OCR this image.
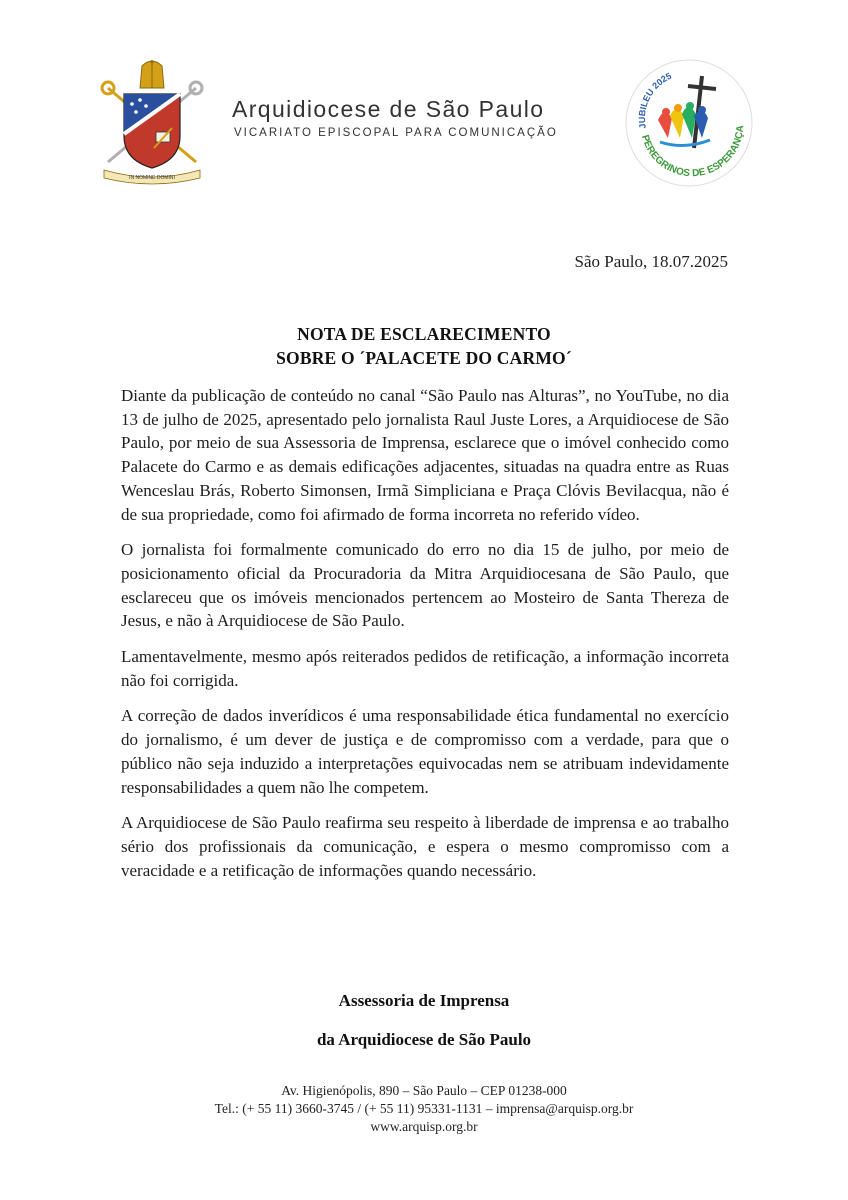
IN NOMINE DOMINI
Arquidiocese de São Paulo
VICARIATO EPISCOPAL PARA COMUNICAÇÃO
JUBILEU 2025
PEREGRINOS DE ESPERANÇA
São Paulo, 18.07.2025
NOTA DE ESCLARECIMENTO
SOBRE O ´PALACETE DO CARMO´

Diante da publicação de conteúdo no canal “São Paulo nas Alturas”, no YouTube, no dia 13 de julho de 2025, apresentado pelo jornalista Raul Juste Lores, a Arquidiocese de São Paulo, por meio de sua Assessoria de Imprensa, esclarece que o imóvel conhecido como Palacete do Carmo e as demais edificações adjacentes, situadas na quadra entre as Ruas Wenceslau Brás, Roberto Simonsen, Irmã Simpliciana e Praça Clóvis Bevilacqua, não é de sua propriedade, como foi afirmado de forma incorreta no referido vídeo.

O jornalista foi formalmente comunicado do erro no dia 15 de julho, por meio de posicionamento oficial da Procuradoria da Mitra Arquidiocesana de São Paulo, que esclareceu que os imóveis mencionados pertencem ao Mosteiro de Santa Thereza de Jesus, e não à Arquidiocese de São Paulo.

Lamentavelmente, mesmo após reiterados pedidos de retificação, a informação incorreta não foi corrigida.

A correção de dados inverídicos é uma responsabilidade ética fundamental no exercício do jornalismo, é um dever de justiça e de compromisso com a verdade, para que o público não seja induzido a interpretações equivocadas nem se atribuam indevidamente responsabilidades a quem não lhe competem.

A Arquidiocese de São Paulo reafirma seu respeito à liberdade de imprensa e ao trabalho sério dos profissionais da comunicação, e espera o mesmo compromisso com a veracidade e a retificação de informações quando necessário.

Assessoria de Imprensa
da Arquidiocese de São Paulo
Av. Higienópolis, 890 – São Paulo – CEP 01238-000
Tel.: (+ 55 11) 3660-3745 / (+ 55 11) 95331-1131 – imprensa@arquisp.org.br
www.arquisp.org.br
